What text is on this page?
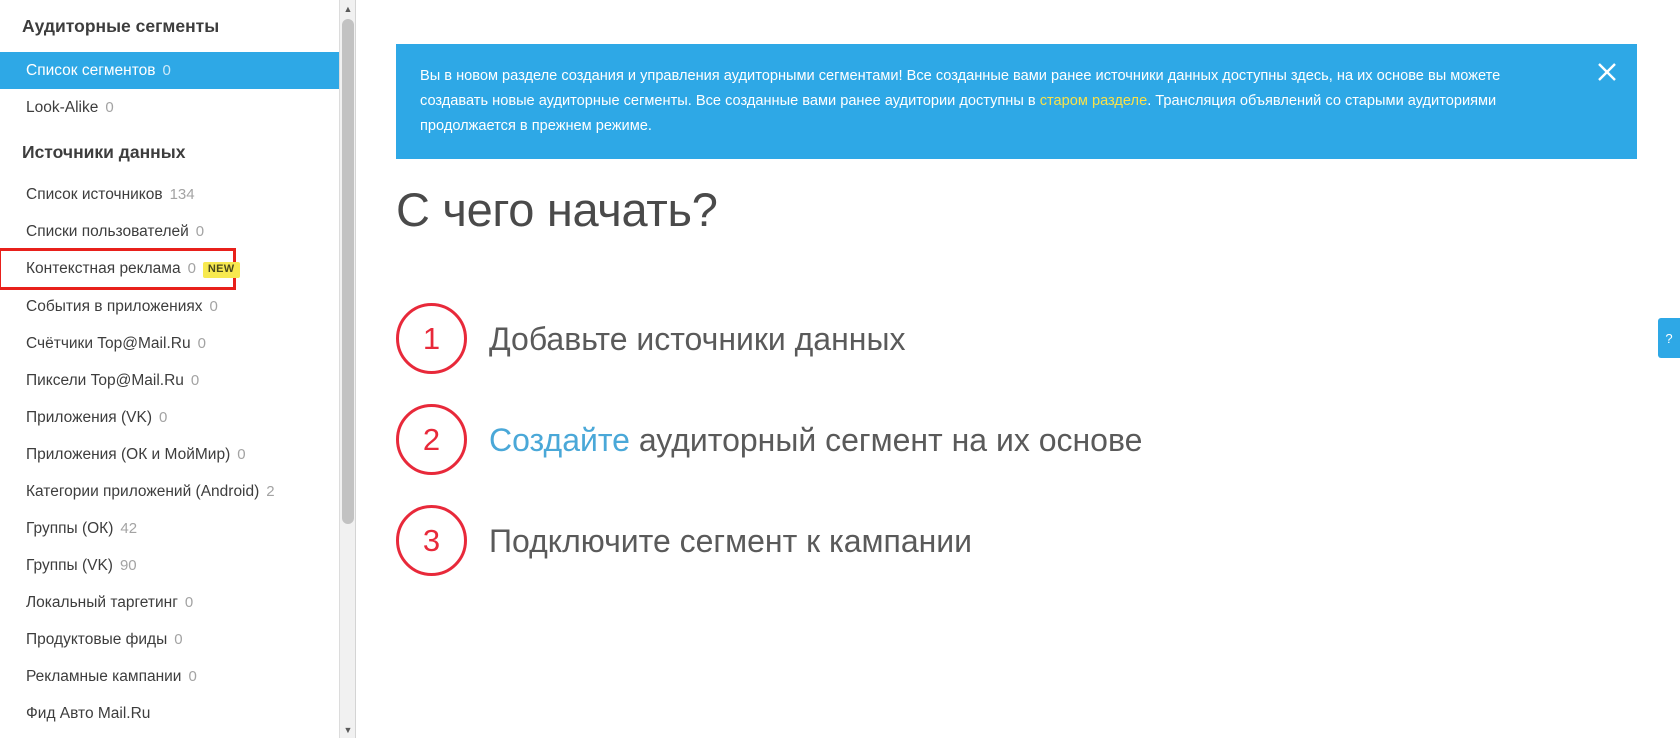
Аудиторные сегменты
Список сегментов 0
Look-Alike 0
Источники данных
Список источников 134
Списки пользователей 0
Контекстная реклама 0	NEW
События в приложениях 0
Счётчики Top@Mail.Ru 0
Пиксели Top@Mail.Ru 0
Приложения (VK) 0
Приложения (ОК и МойМир) 0
Категории приложений (Android) 2
Группы (ОК) 42
Группы (VK) 90
Локальный таргетинг 0
Продуктовые фиды 0
Рекламные кампании 0
Фид Авто Mail.Ru
▲
▼
Вы в новом разделе создания и управления аудиторными сегментами! Все созданные вами ранее источники данных доступны здесь, на их основе вы можете создавать новые аудиторные сегменты. Все созданные вами ранее аудитории доступны в старом разделе. Трансляция объявлений со старыми аудиториями продолжается в прежнем режиме.
С чего начать?
1	Добавьте источники данных
2	Создайте аудиторный сегмент на их основе
3	Подключите сегмент к кампании
?
